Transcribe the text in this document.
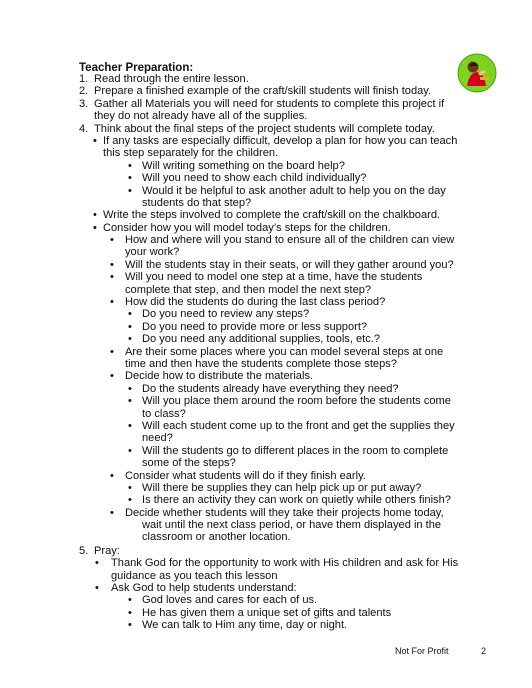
Teacher Preparation:
1. Read through the entire lesson.
2. Prepare a finished example of the craft/skill students will finish today.
3. Gather all Materials you will need for students to complete this project if
they do not already have all of the supplies.
4. Think about the final steps of the project students will complete today.
• If any tasks are especially difficult, develop a plan for how you can teach
this step separately for the children.
• Will writing something on the board help?
• Will you need to show each child individually?
• Would it be helpful to ask another adult to help you on the day
students do that step?
• Write the steps involved to complete the craft/skill on the chalkboard.
• Consider how you will model today’s steps for the children.
• How and where will you stand to ensure all of the children can view
your work?
• Will the students stay in their seats, or will they gather around you?
• Will you need to model one step at a time, have the students
complete that step, and then model the next step?
• How did the students do during the last class period?
• Do you need to review any steps?
• Do you need to provide more or less support?
• Do you need any additional supplies, tools, etc.?
• Are their some places where you can model several steps at one
time and then have the students complete those steps?
• Decide how to distribute the materials.
• Do the students already have everything they need?
• Will you place them around the room before the students come
to class?
• Will each student come up to the front and get the supplies they
need?
• Will the students go to different places in the room to complete
some of the steps?
• Consider what students will do if they finish early.
• Will there be supplies they can help pick up or put away?
• Is there an activity they can work on quietly while others finish?
• Decide whether students will they take their projects home today,
wait until the next class period, or have them displayed in the
classroom or another location.
5. Pray:
• Thank God for the opportunity to work with His children and ask for His
guidance as you teach this lesson
• Ask God to help students understand:
• God loves and cares for each of us.
• He has given them a unique set of gifts and talents
• We can talk to Him any time, day or night.
Not For Profit	2
